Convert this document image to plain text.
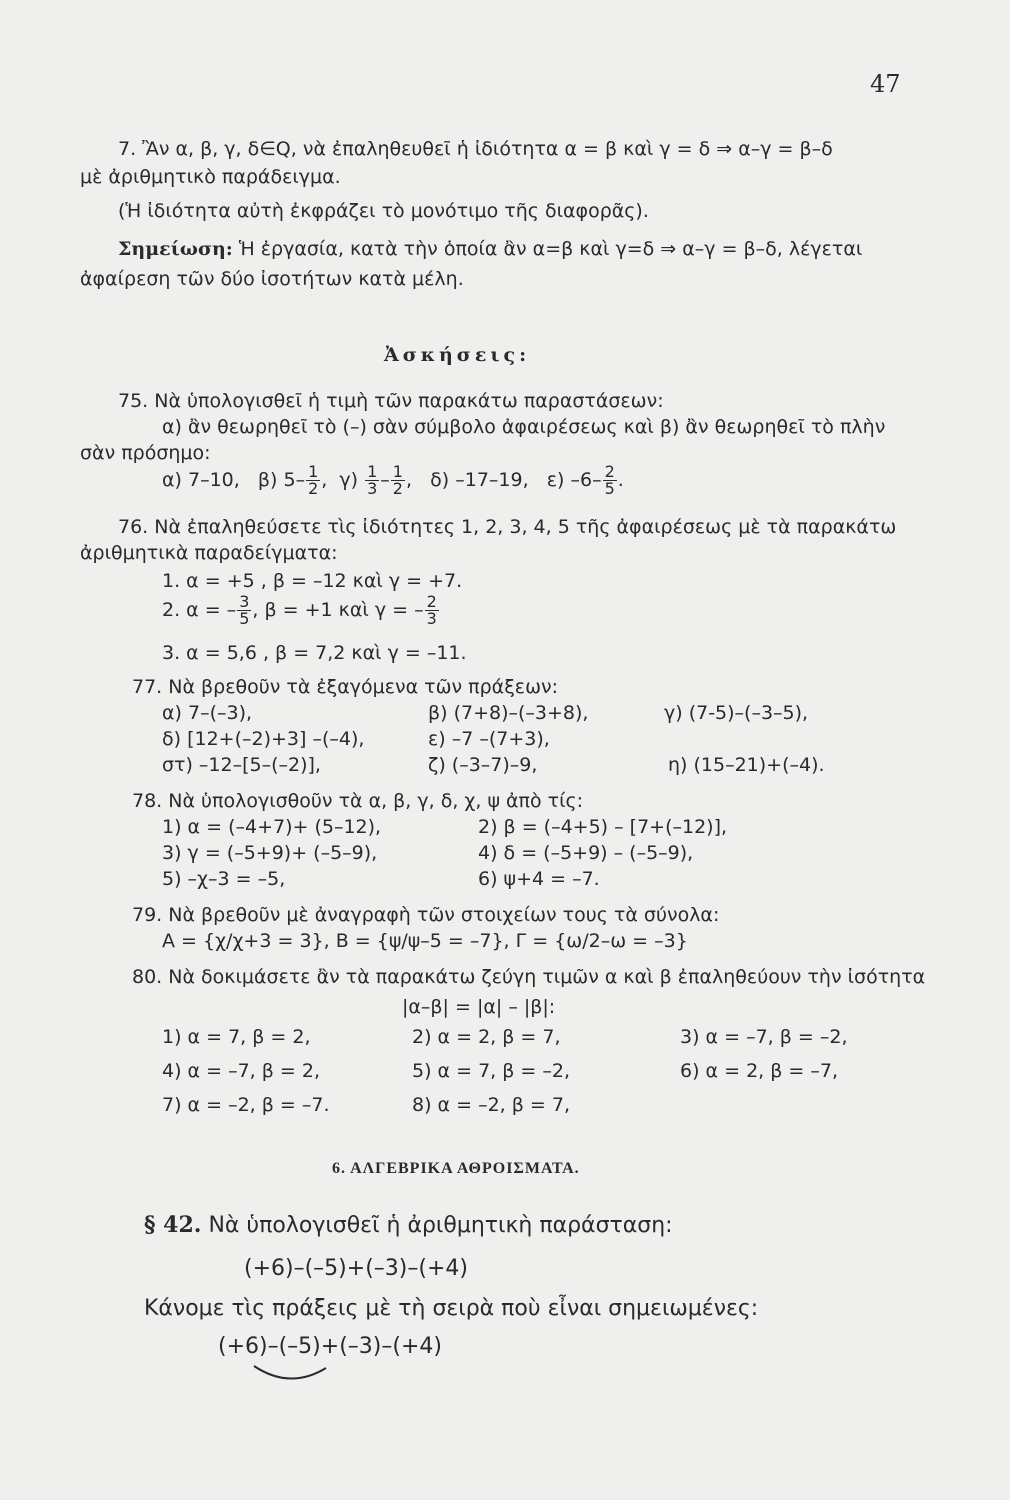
47
7. Ἂν α, β, γ, δ∈Q, νὰ ἐπαληθευθεῖ ἡ ἰδιότητα α = β καὶ γ = δ ⇒ α–γ = β–δ
μὲ ἀριθμητικὸ παράδειγμα.
(Ἡ ἰδιότητα αὐτὴ ἐκφράζει τὸ μονότιμο τῆς διαφορᾶς).
Σημείωση: Ἡ ἐργασία, κατὰ τὴν ὁποία ἂν α=β καὶ γ=δ ⇒ α–γ = β–δ, λέγεται
ἀφαίρεση τῶν δύο ἰσοτήτων κατὰ μέλη.
Ἀσκήσεις:
75. Νὰ ὑπολογισθεῖ ἡ τιμὴ τῶν παρακάτω παραστάσεων:
α) ἂν θεωρηθεῖ τὸ (–) σὰν σύμβολο ἀφαιρέσεως καὶ β) ἂν θεωρηθεῖ τὸ πλὴν
σὰν πρόσημο:
α) 7–10, β) $5- \frac{1}{2}$ ,  $\gamma) \frac{1}{3} - \frac{1}{2}$ ,   δ) –17–19, ε) $-6- \frac{2}{5}$ .
76. Νὰ ἐπαληθεύσετε τὶς ἰδιότητες 1, 2, 3, 4, 5 τῆς ἀφαιρέσεως μὲ τὰ παρακάτω
ἀριθμητικὰ παραδείγματα:
1. α = +5 , β = –12 καὶ γ = +7.
2. α = – $\frac{3}{5}$ , β = +1 καὶ γ = – $\frac{2}{3}$
3. α = 5,6 , β = 7,2 καὶ γ = –11.
77. Νὰ βρεθοῦν τὰ ἐξαγόμενα τῶν πράξεων:
α) 7–(–3),	β) (7+8)–(–3+8),	γ) (7-5)–(–3–5),
δ) [12+(–2)+3] –(–4),	ε) –7 –(7+3),
στ) –12–[5–(–2)],	ζ) (–3–7)–9,	η) (15–21)+(–4).
78. Νὰ ὑπολογισθοῦν τὰ α, β, γ, δ, χ, ψ ἀπὸ τίς:
1) α = (–4+7)+ (5–12),	2) β = (–4+5) – [7+(–12)],
3) γ = (–5+9)+ (–5–9),	4) δ = (–5+9) – (–5–9),
5) –χ–3 = –5,	6) ψ+4 = –7.
79. Νὰ βρεθοῦν μὲ ἀναγραφὴ τῶν στοιχείων τους τὰ σύνολα:
Α = {χ/χ+3 = 3}, Β = {ψ/ψ–5 = –7}, Γ = {ω/2–ω = –3}
80. Νὰ δοκιμάσετε ἂν τὰ παρακάτω ζεύγη τιμῶν α καὶ β ἐπαληθεύουν τὴν ἰσότητα
|α–β| = |α| – |β|:
1) α = 7, β = 2,	2) α = 2, β = 7,	3) α = –7, β = –2,
4) α = –7, β = 2,	5) α = 7, β = –2,	6) α = 2, β = –7,
7) α = –2, β = –7.	8) α = –2, β = 7,
6. ΑΛΓΕΒΡΙΚΑ ΑΘΡΟΙΣΜΑΤΑ.
§ 42. Νὰ ὑπολογισθεῖ ἡ ἀριθμητικὴ παράσταση:
(+6)–(–5)+(–3)–(+4)
Κάνομε τὶς πράξεις μὲ τὴ σειρὰ ποὺ εἶναι σημειωμένες:
(+6)–(–5)+(–3)–(+4)
